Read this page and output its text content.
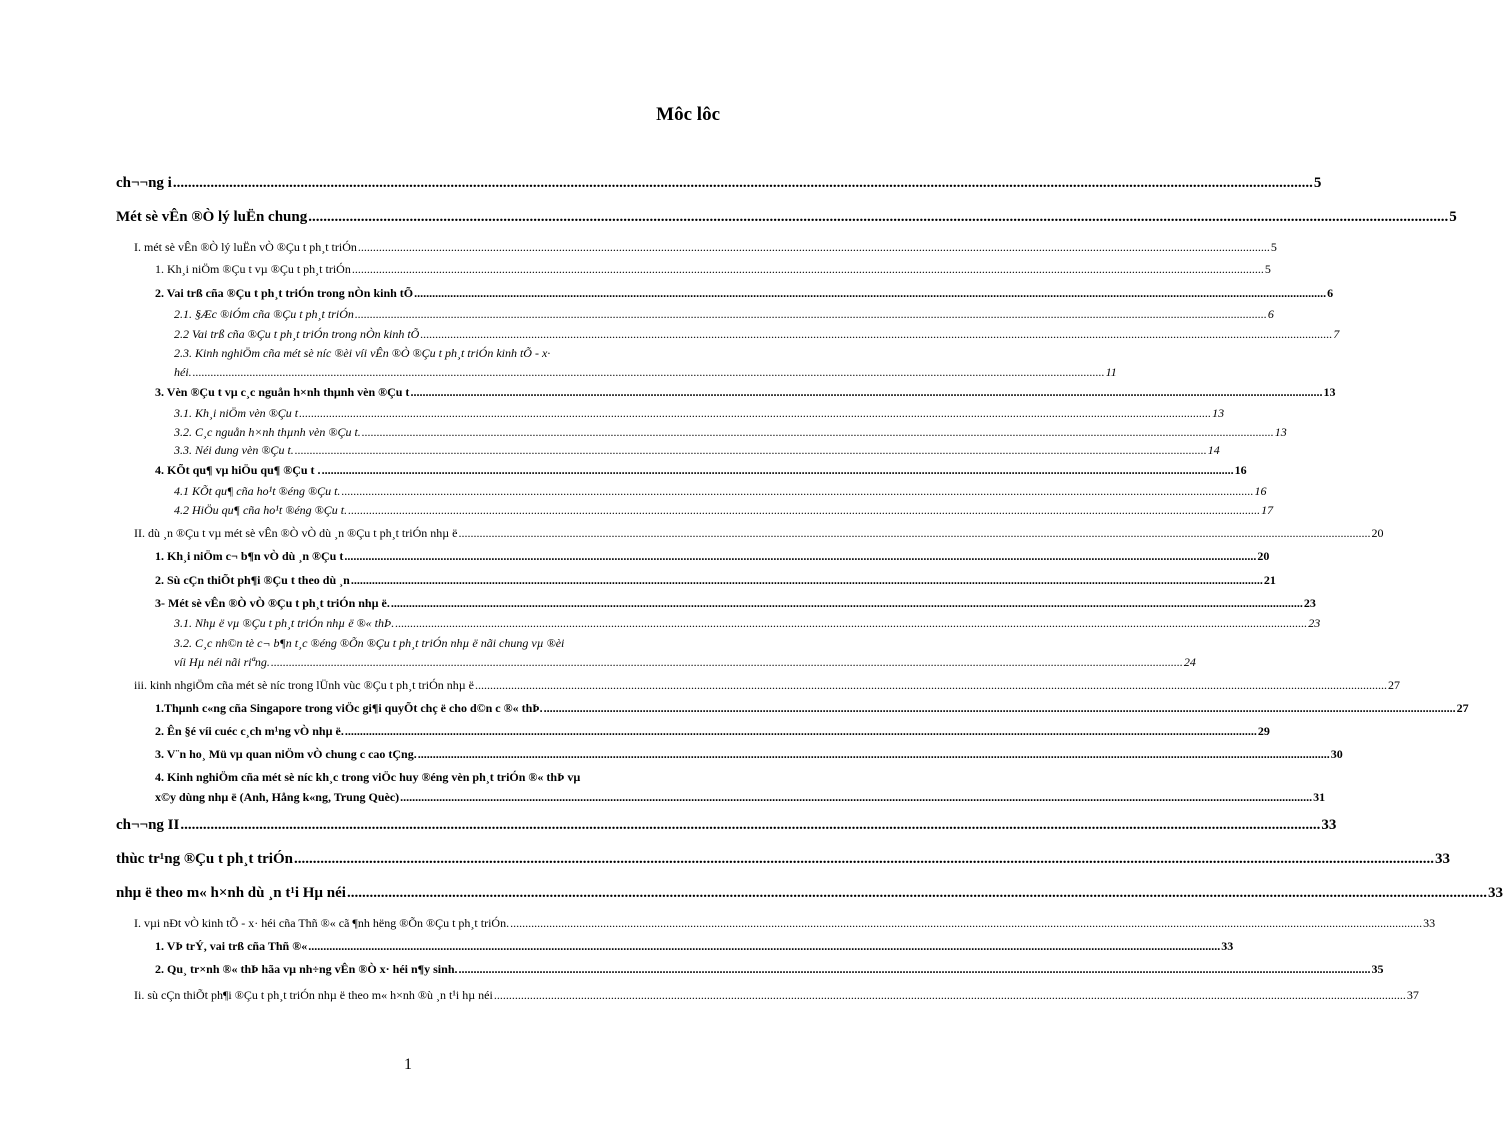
Môc lôc
ch¬¬ng i .....	5
Mét sè vÊn ®Ò lý luËn chung .....	5
I. mét sè vÊn ®Ò lý luËn vÒ ®Çu t ph¸t triÓn .....	5
1. Kh¸i niÖm ®Çu t vµ ®Çu t ph¸t triÓn .....	5
2. Vai trß cña ®Çu t ph¸t triÓn trong nÒn kinh tÕ .....	6
2.1. §Æc ®iÓm cña ®Çu t ph¸t triÓn .....	6
2.2 Vai trß cña ®Çu t ph¸t triÓn trong nÒn kinh tÕ .....	7
2.3. Kinh nghiÖm cña mét sè níc ®èi víi vÊn ®Ò ®Çu t ph¸t triÓn kinh tÕ - x·
héi. .....	11
3. Vèn ®Çu t vµ c¸c nguån h×nh thµnh vèn ®Çu t .....	13
3.1. Kh¸i niÖm vèn ®Çu t .....	13
3.2. C¸c nguån h×nh thµnh vèn ®Çu t. .....	13
3.3. Néi dung vèn ®Çu t. .....	14
4. KÕt qu¶ vµ hiÖu qu¶ ®Çu t . .....	16
4.1 KÕt qu¶ cña ho¹t ®éng ®Çu t. .....	16
4.2 HiÖu qu¶ cña ho¹t ®éng ®Çu t. .....	17
II. dù ¸n ®Çu t vµ mét sè vÊn ®Ò vÒ dù ¸n ®Çu t ph¸t triÓn nhµ ë .....	20
1. Kh¸i niÖm c¬ b¶n vÒ dù ¸n ®Çu t .....	20
2. Sù cÇn thiÕt ph¶i ®Çu t theo dù ¸n .....	21
3- Mét sè vÊn ®Ò vÒ ®Çu t ph¸t triÓn nhµ ë. .....	23
3.1. Nhµ ë vµ ®Çu t ph¸t triÓn nhµ ë ®« thÞ. .....	23
3.2. C¸c nh©n tè c¬ b¶n t¸c ®éng ®Õn ®Çu t ph¸t triÓn nhµ ë nãi chung vµ ®èi
víi Hµ néi nãi riªng. .....	24
iii. kinh nhgiÖm cña mét sè níc trong lÜnh vùc ®Çu t ph¸t triÓn nhµ ë .....	27
1.Thµnh c«ng cña Singapore trong viÖc gi¶i quyÕt chç ë cho d©n c ®« thÞ. .....	27
2. Ên §é víi cuéc c¸ch m¹ng vÒ nhµ ë. .....	29
3. V¨n ho¸ Mü vµ quan niÖm vÒ chung c cao tÇng. .....	30
4. Kinh nghiÖm cña mét sè níc kh¸c trong viÖc huy ®éng vèn ph¸t triÓn ®« thÞ vµ
x©y dùng nhµ ë (Anh, Hång k«ng, Trung Quèc) .....	31
ch¬¬ng II .....	33
thùc tr¹ng ®Çu t ph¸t triÓn .....	33
nhµ ë theo m« h×nh dù ¸n t¹i Hµ néi .....	33
I. vµi nÐt vÒ kinh tÕ - x· héi cña Thñ ®« cã ¶nh hëng ®Õn ®Çu t ph¸t triÓn. .....	33
1. VÞ trÝ, vai trß cña Thñ ®« .....	33
2. Qu¸ tr×nh ®« thÞ hãa vµ nh÷ng vÊn ®Ò x· héi n¶y sinh. .....	35
Ii. sù cÇn thiÕt ph¶i ®Çu t ph¸t triÓn nhµ ë theo m« h×nh ®ù ¸n t¹i hµ néi .....	37
1
